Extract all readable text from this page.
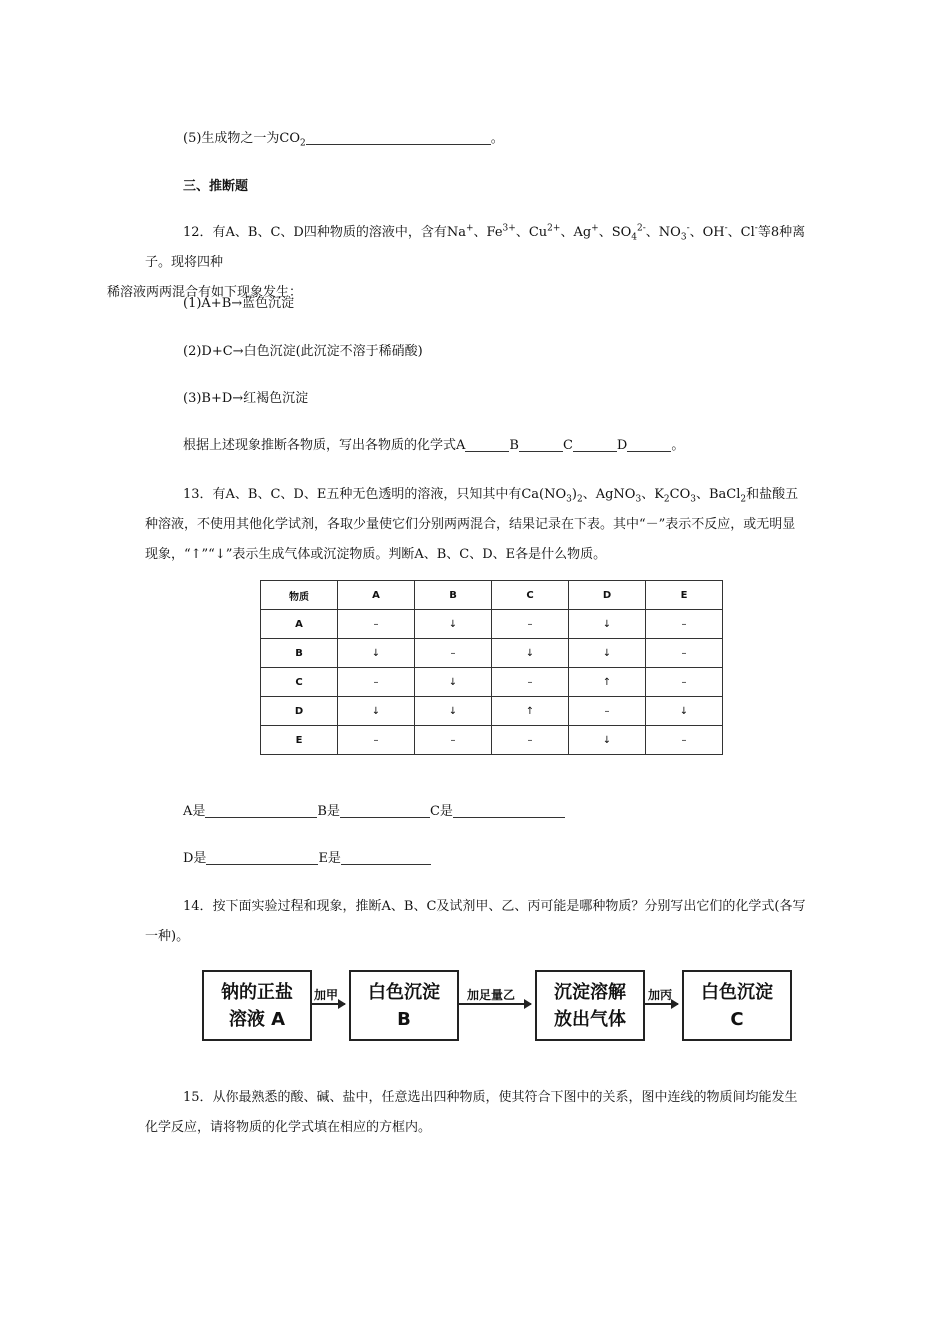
(5)生成物之一为$CO_2$	。
三、推断题
12．有A、B、C、D四种物质的溶液中，含有Na+、$Fe^{3+}$、$Cu^{2+}$、Ag+、$SO_4^{2-}$、$NO_3^-$、OH-、Cl-等8种离子。现将四种
稀溶液两两混合有如下现象发生：
(1)A+B→蓝色沉淀
(2)D+C→白色沉淀(此沉淀不溶于稀硝酸)
(3)B+D→红褐色沉淀
根据上述现象推断各物质，写出各物质的化学式A	B	C	D	。
13．有A、B、C、D、E五种无色透明的溶液，只知其中有$Ca(NO_3)_2$、AgNO$_3$、$K_2CO_3$、BaCl$_2$和盐酸五种溶液，不使用其他化学试剂，各取少量使它们分别两两混合，结果记录在下表。其中“－”表示不反应，或无明显现象，“↑”“↓”表示生成气体或沉淀物质。判断A、B、C、D、E各是什么物质。
物质	A	B	C	D	E
A	–	↓	–	↓	–
B	↓	–	↓	↓	–
C	–	↓	–	↑	–
D	↓	↓	↑	–	↓
E	–	–	–	↓	–
A是	B是	C是
D是	E是
14．按下面实验过程和现象，推断A、B、C及试剂甲、乙、丙可能是哪种物质？分别写出它们的化学式(各写一种)。
钠的正盐
溶液 A
加甲 白色沉淀
B
加足量乙 沉淀溶解
放出气体
加丙 白色沉淀
C
15．从你最熟悉的酸、碱、盐中，任意选出四种物质，使其符合下图中的关系，图中连线的物质间均能发生化学反应，请将物质的化学式填在相应的方框内。
